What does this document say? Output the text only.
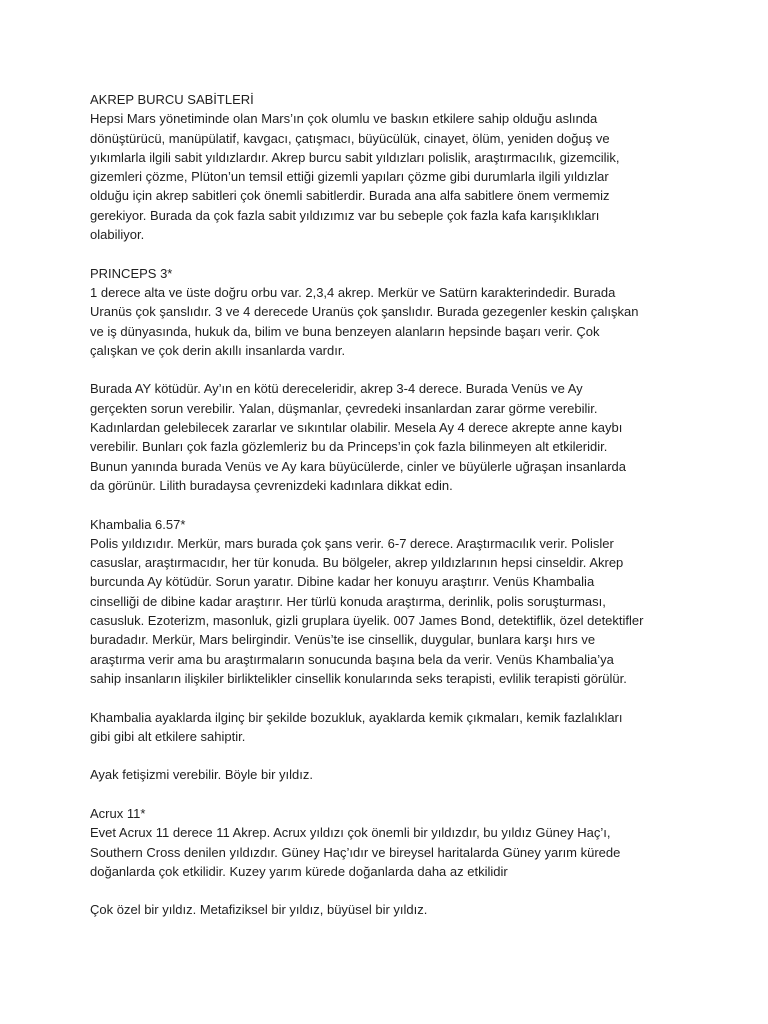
AKREP BURCU SABİTLERİ
Hepsi Mars yönetiminde olan Mars’ın çok olumlu ve baskın etkilere sahip olduğu aslında
dönüştürücü, manüpülatif, kavgacı, çatışmacı, büyücülük, cinayet, ölüm, yeniden doğuş ve
yıkımlarla ilgili sabit yıldızlardır. Akrep burcu sabit yıldızları polislik, araştırmacılık, gizemcilik,
gizemleri çözme, Plüton’un temsil ettiği gizemli yapıları çözme gibi durumlarla ilgili yıldızlar
olduğu için akrep sabitleri çok önemli sabitlerdir. Burada ana alfa sabitlere önem vermemiz
gerekiyor. Burada da çok fazla sabit yıldızımız var bu sebeple çok fazla kafa karışıklıkları
olabiliyor.
PRINCEPS 3*
1 derece alta ve üste doğru orbu var. 2,3,4 akrep. Merkür ve Satürn karakterindedir. Burada
Uranüs çok şanslıdır. 3 ve 4 derecede Uranüs çok şanslıdır. Burada gezegenler keskin çalışkan
ve iş dünyasında, hukuk da, bilim ve buna benzeyen alanların hepsinde başarı verir. Çok
çalışkan ve çok derin akıllı insanlarda vardır.
Burada AY kötüdür. Ay’ın en kötü dereceleridir, akrep 3-4 derece. Burada Venüs ve Ay
gerçekten sorun verebilir. Yalan, düşmanlar, çevredeki insanlardan zarar görme verebilir.
Kadınlardan gelebilecek zararlar ve sıkıntılar olabilir. Mesela Ay 4 derece akrepte anne kaybı
verebilir. Bunları çok fazla gözlemleriz bu da Princeps’in çok fazla bilinmeyen alt etkileridir.
Bunun yanında burada Venüs ve Ay kara büyücülerde, cinler ve büyülerle uğraşan insanlarda
da görünür. Lilith buradaysa çevrenizdeki kadınlara dikkat edin.
Khambalia 6.57*
Polis yıldızıdır. Merkür, mars burada çok şans verir. 6-7 derece. Araştırmacılık verir. Polisler
casuslar, araştırmacıdır, her tür konuda. Bu bölgeler, akrep yıldızlarının hepsi cinseldir. Akrep
burcunda Ay kötüdür. Sorun yaratır. Dibine kadar her konuyu araştırır. Venüs Khambalia
cinselliği de dibine kadar araştırır. Her türlü konuda araştırma, derinlik, polis soruşturması,
casusluk. Ezoterizm, masonluk, gizli gruplara üyelik. 007 James Bond, detektiflik, özel detektifler
buradadır. Merkür, Mars belirgindir. Venüs’te ise cinsellik, duygular, bunlara karşı hırs ve
araştırma verir ama bu araştırmaların sonucunda başına bela da verir. Venüs Khambalia’ya
sahip insanların ilişkiler birliktelikler cinsellik konularında seks terapisti, evlilik terapisti görülür.
Khambalia ayaklarda ilginç bir şekilde bozukluk, ayaklarda kemik çıkmaları, kemik fazlalıkları
gibi gibi alt etkilere sahiptir.
Ayak fetişizmi verebilir. Böyle bir yıldız.
Acrux 11*
Evet Acrux 11 derece 11 Akrep. Acrux yıldızı çok önemli bir yıldızdır, bu yıldız Güney Haç’ı,
Southern Cross denilen yıldızdır. Güney Haç’ıdır ve bireysel haritalarda Güney yarım kürede
doğanlarda çok etkilidir. Kuzey yarım kürede doğanlarda daha az etkilidir
Çok özel bir yıldız. Metafiziksel bir yıldız, büyüsel bir yıldız.
